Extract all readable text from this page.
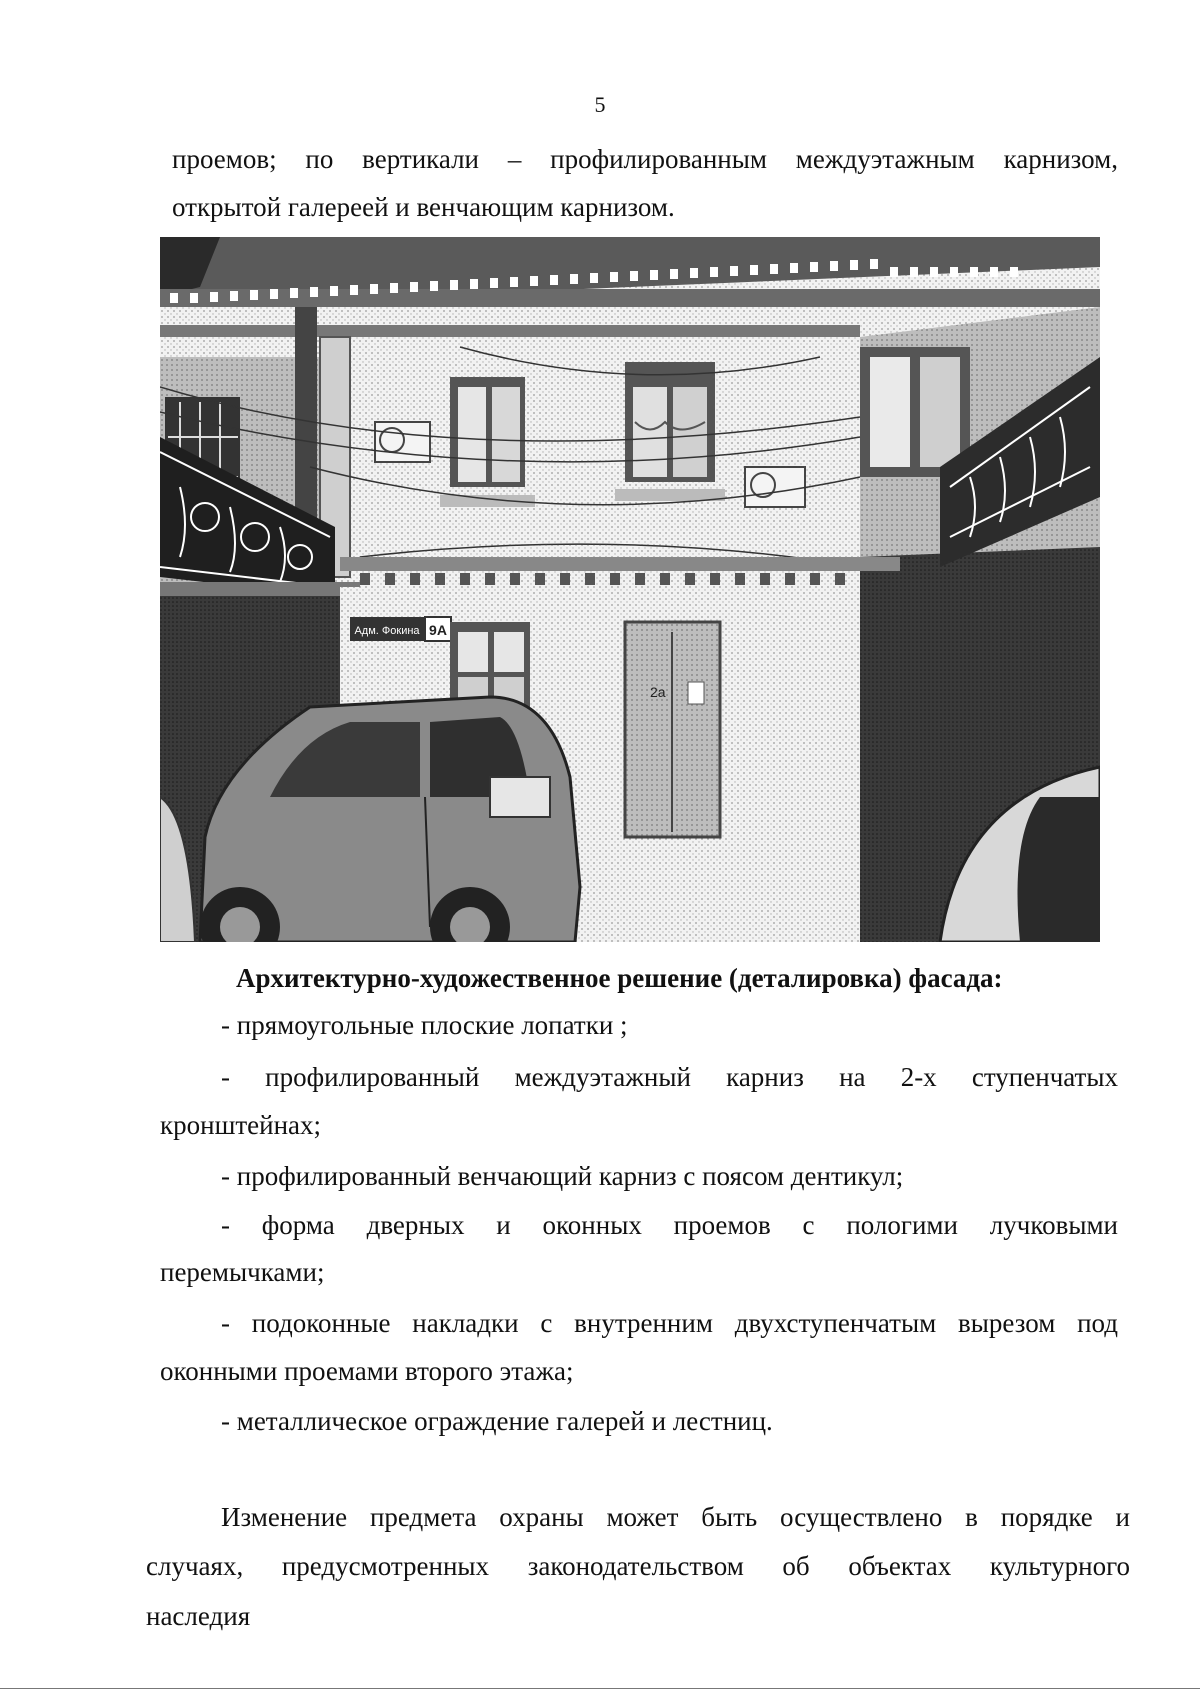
5
проемов; по вертикали – профилированным междуэтажным карнизом,
открытой галереей и венчающим карнизом.
Адм. Фокина 9А
2а
Архитектурно-художественное решение (деталировка) фасада:
- прямоугольные плоские лопатки ;
- профилированный междуэтажный карниз на 2-х ступенчатых
кронштейнах;
- профилированный венчающий карниз с поясом дентикул;
- форма дверных и оконных проемов с пологими лучковыми
перемычками;
- подоконные накладки с внутренним двухступенчатым вырезом под
оконными проемами второго этажа;
- металлическое ограждение галерей и лестниц.
Изменение предмета охраны может быть осуществлено в порядке и
случаях, предусмотренных законодательством об объектах культурного
наследия
